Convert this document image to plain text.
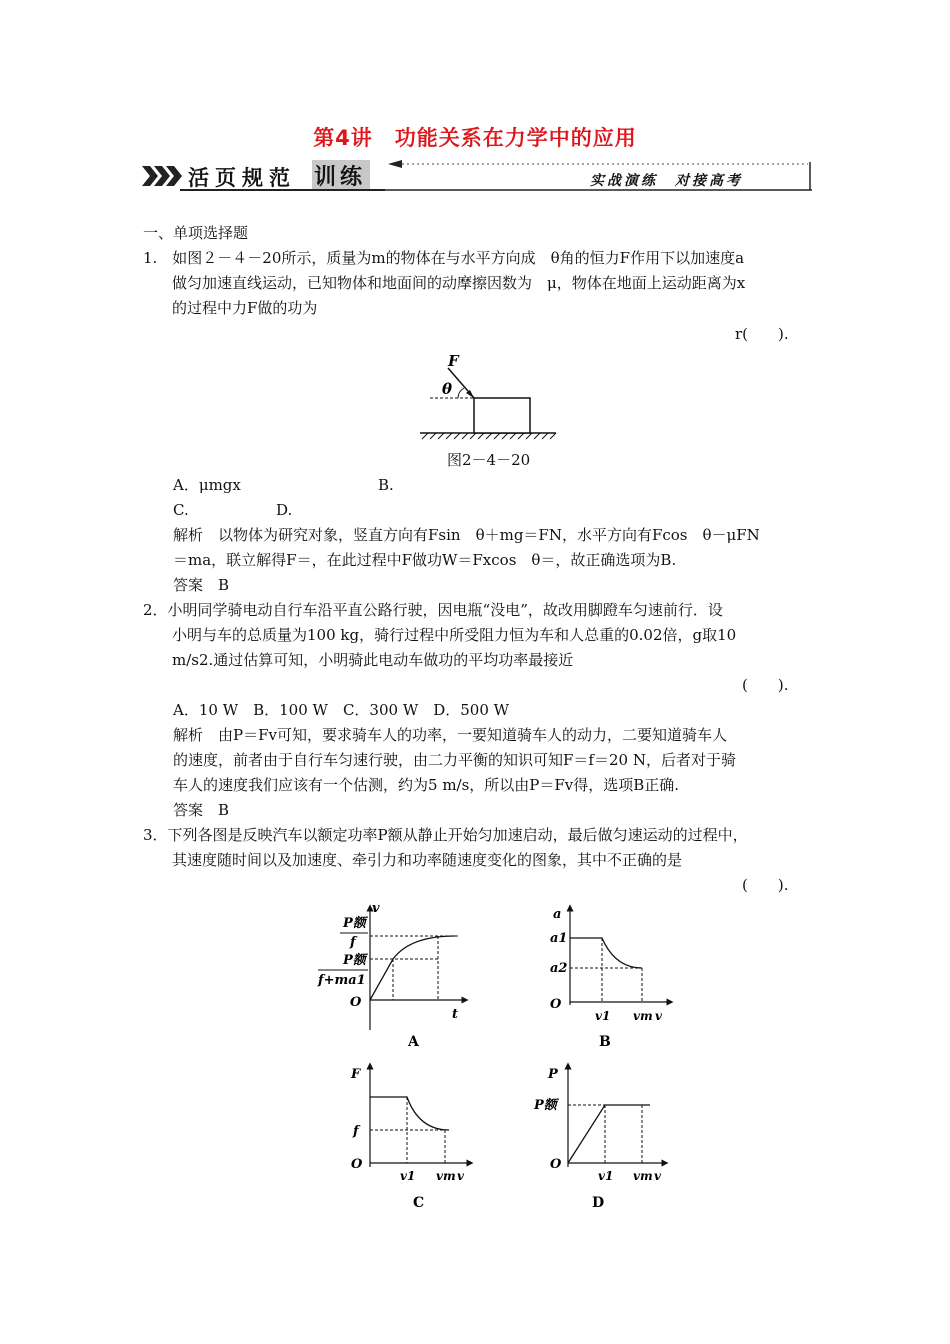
第4讲　功能关系在力学中的应用
活页规范 训练	实战演练　对接高考
一、单项选择题
1.　如图２－４－20所示，质量为m的物体在与水平方向成　θ角的恒力F作用下以加速度a
做匀加速直线运动，已知物体和地面间的动摩擦因数为　μ，物体在地面上运动距离为x
的过程中力F做的功为
r(　　).
F
θ
图2－4－20
A．μmgx	B.
C.	D.
解析　以物体为研究对象，竖直方向有Fsin　θ＋mg＝FN，水平方向有Fcos　θ－μFN
＝ma，联立解得F＝，在此过程中F做功W＝Fxcos　θ＝，故正确选项为B.
答案　B
2．小明同学骑电动自行车沿平直公路行驶，因电瓶“没电”，故改用脚蹬车匀速前行．设
小明与车的总质量为100 kg，骑行过程中所受阻力恒为车和人总重的0.02倍，g取10
m/s2.通过估算可知，小明骑此电动车做功的平均功率最接近
(　　).
A．10 W　B．100 W　C．300 W　D．500 W
解析　由P＝Fv可知，要求骑车人的功率，一要知道骑车人的动力，二要知道骑车人
的速度，前者由于自行车匀速行驶，由二力平衡的知识可知F＝f＝20 N，后者对于骑
车人的速度我们应该有一个估测，约为5 m/s，所以由P＝Fv得，选项B正确.
答案　B
3．下列各图是反映汽车以额定功率P额从静止开始匀加速启动，最后做匀速运动的过程中，
其速度随时间以及加速度、牵引力和功率随速度变化的图象，其中不正确的是
(　　).
v
P额
f
P额
f+ma1
O
t
A
a
a1
a2
O
v1 vm v
B
F
f
O
v1 vm v
C
P
P额
O
v1 vm v
D
